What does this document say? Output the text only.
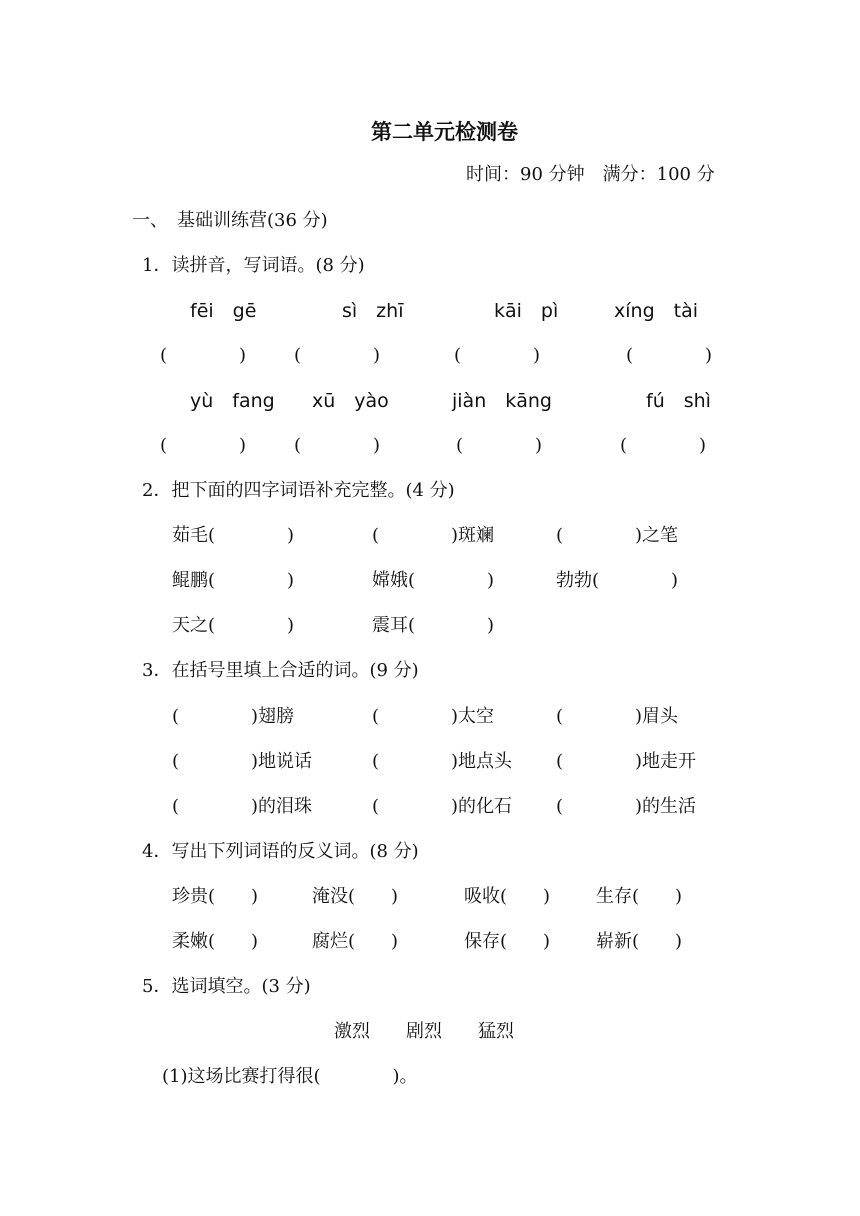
第二单元检测卷
时间：90 分钟　满分：100 分
一、　基础训练营(36 分)
1．读拼音，写词语。(8 分)
fēi　gē	sì　zhī	kāi　pì	xíng　tài
(　　　　)	(　　　　)	(　　　　)	(　　　　)
yù　fang xū　yào	jiàn　kāng	fú　shì
(　　　　)	(　　　　)	(　　　　)	(　　　　)
2．把下面的四字词语补充完整。(4 分)
茹毛(　　　　)	(　　　　)斑斓	(　　　　)之笔
鲲鹏(　　　　)	嫦娥(　　　　)	勃勃(　　　　)
天之(　　　　)	震耳(　　　　)
3．在括号里填上合适的词。(9 分)
(　　　　)翅膀	(　　　　)太空	(　　　　)眉头
(　　　　)地说话	(　　　　)地点头 (　　　　)地走开
(　　　　)的泪珠	(　　　　)的化石 (　　　　)的生活
4．写出下列词语的反义词。(8 分)
珍贵(　　)	淹没(　　)	吸收(　　)	生存(　　)
柔嫩(　　)	腐烂(　　)	保存(　　)	崭新(　　)
5．选词填空。(3 分)
激烈　　剧烈　　猛烈
(1)这场比赛打得很(　　　　)。
